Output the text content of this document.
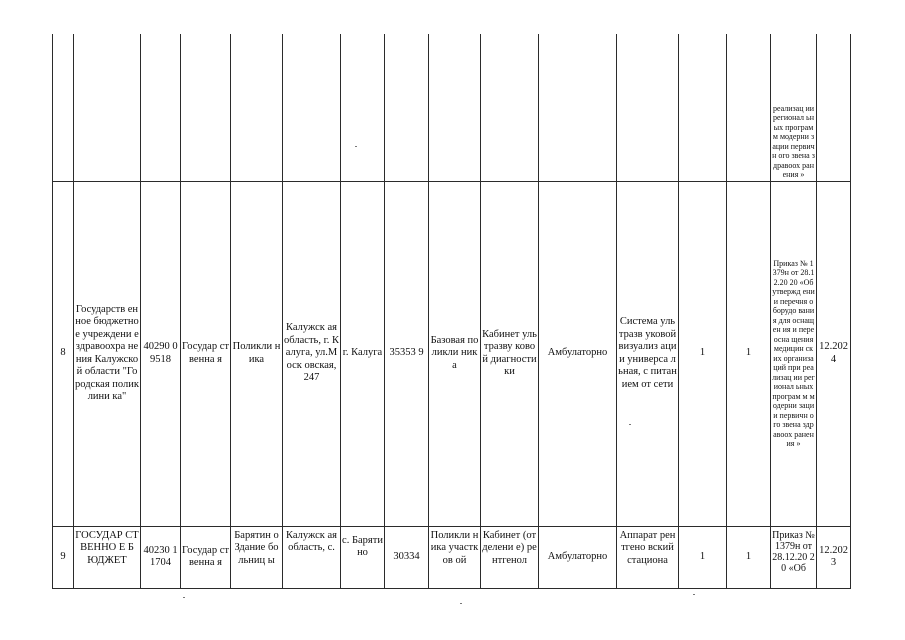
														реализац ии регионал ьных програм м модерни зации первичн ого звена здравоох ранения »	
8	Государств енное бюджетное учреждени е здравоохра нения Калужской области "Городская поликлини ка"	40290 09518	Государ ственна я	Поликли ника	Калужск ая область, г. Калуга, ул.Моск овская, 247	г. Калуга	35353 9	Базовая поликли ника	Кабинет ультразву ковой диагности ки	Амбулаторно	Система ультразв уковой визуализ ации универса льная, с питанием от сети	1	1	Приказ № 1379н от 28.12.20 20 «Об утвержд ении перечня оборудо вания для оснащен ия и переосна щения медицин ских организа ций при реализац ии регионал ьных програм м модерни зации первичн ого звена здравоох ранения »	12.202 4
9	ГОСУДАР СТВЕННО Е БЮДЖЕТ	40230 11704	Государ ственна я	Барятин о Здание больниц ы	Калужск ая область, с.	с. Барятино	30334	Поликли ника участков ой	Кабинет (отделени е) рентгенол	Амбулаторно	Аппарат рентгено вский стациона	1	1	Приказ № 1379н от 28.12.20 20 «Об	12.202 3
